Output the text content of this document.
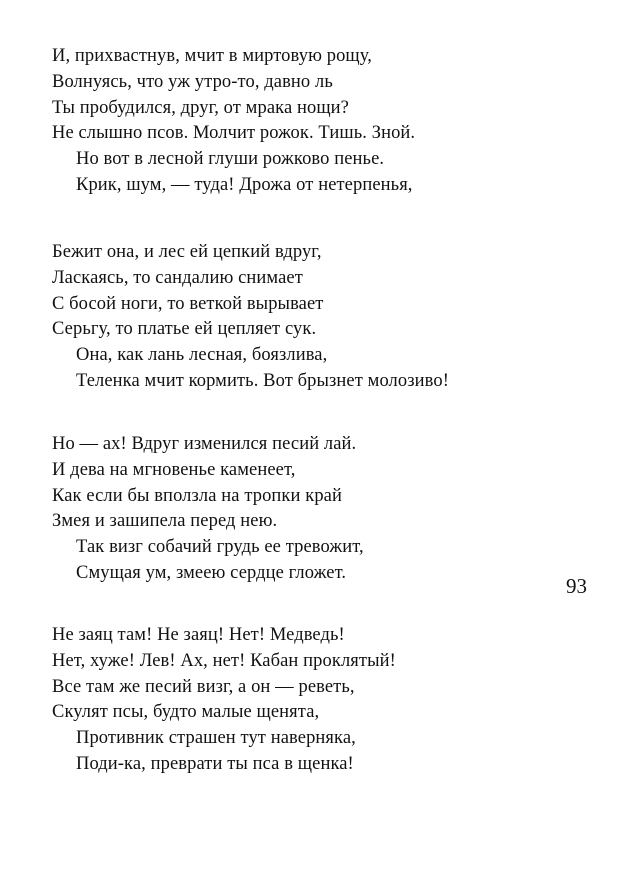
И, прихвастнув, мчит в миртовую рощу,
Волнуясь, что уж утро-то, давно ль
Ты пробудился, друг, от мрака нощи?
Не слышно псов. Молчит рожок. Тишь. Зной.
Но вот в лесной глуши рожково пенье.
Крик, шум, — туда! Дрожа от нетерпенья,
Бежит она, и лес ей цепкий вдруг,
Ласкаясь, то сандалию снимает
С босой ноги, то веткой вырывает
Серьгу, то платье ей цепляет сук.
Она, как лань лесная, боязлива,
Теленка мчит кормить. Вот брызнет молозиво!
Но — ах! Вдруг изменился песий лай.
И дева на мгновенье каменеет,
Как если бы вползла на тропки край
Змея и зашипела перед нею.
Так визг собачий грудь ее тревожит,
Смущая ум, змеею сердце гложет.
93
Не заяц там! Не заяц! Нет! Медведь!
Нет, хуже! Лев! Ах, нет! Кабан проклятый!
Все там же песий визг, а он — реветь,
Скулят псы, будто малые щенята,
Противник страшен тут наверняка,
Поди-ка, преврати ты пса в щенка!
